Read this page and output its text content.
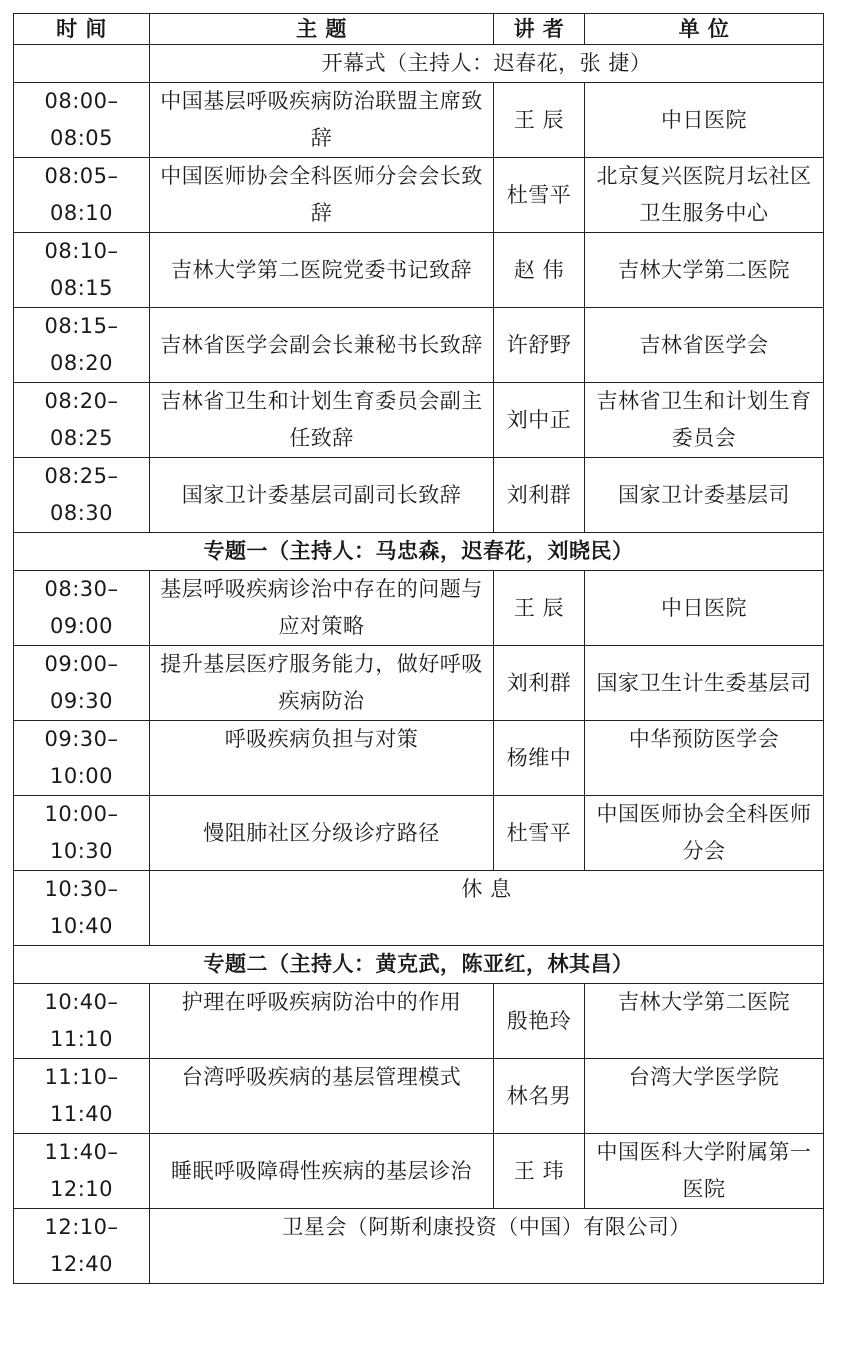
时 间	主 题	讲 者	单 位
	开幕式（主持人：迟春花，张 捷）		
08:00–08:05	中国基层呼吸疾病防治联盟主席致辞	王 辰	中日医院
08:05–08:10	中国医师协会全科医师分会会长致辞	杜雪平	北京复兴医院月坛社区卫生服务中心
08:10–08:15	吉林大学第二医院党委书记致辞	赵 伟	吉林大学第二医院
08:15–08:20	吉林省医学会副会长兼秘书长致辞	许舒野	吉林省医学会
08:20–08:25	吉林省卫生和计划生育委员会副主任致辞	刘中正	吉林省卫生和计划生育委员会
08:25–08:30	国家卫计委基层司副司长致辞	刘利群	国家卫计委基层司
专题一（主持人：马忠森，迟春花，刘晓民）			
08:30–09:00	基层呼吸疾病诊治中存在的问题与应对策略	王 辰	中日医院
09:00–09:30	提升基层医疗服务能力，做好呼吸疾病防治	刘利群	国家卫生计生委基层司
09:30–10:00	呼吸疾病负担与对策	杨维中	中华预防医学会
10:00–10:30	慢阻肺社区分级诊疗路径	杜雪平	中国医师协会全科医师分会
10:30–10:40	休 息		
专题二（主持人：黄克武，陈亚红，林其昌）			
10:40–11:10	护理在呼吸疾病防治中的作用	殷艳玲	吉林大学第二医院
11:10–11:40	台湾呼吸疾病的基层管理模式	林名男	台湾大学医学院
11:40–12:10	睡眠呼吸障碍性疾病的基层诊治	王 玮	中国医科大学附属第一医院
12:10–12:40	卫星会（阿斯利康投资（中国）有限公司）		
